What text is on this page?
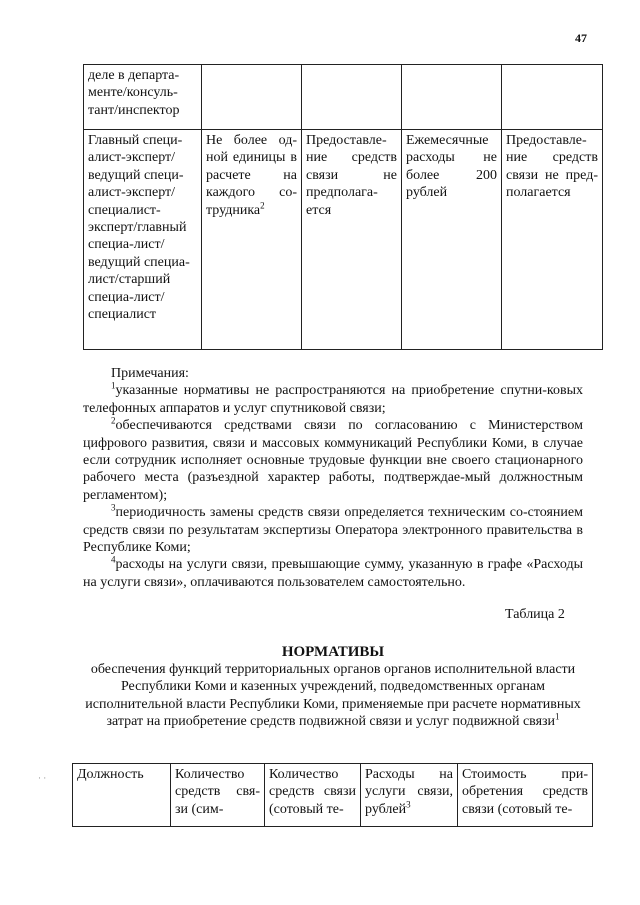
47
деле в департа-менте/консуль-тант/инспектор				
Главный специ-алист-эксперт/ведущий специ-алист-эксперт/специалист-эксперт/главный специа-лист/ведущий специа-лист/старший специа-лист/специалист	Не более од-ной единицы в расчете на каждого со-трудника$^2$	Предоставле-ние средств связи не предполага-ется	Ежемесячные расходы не более 200 рублей	Предоставле-ние средств связи не пред-полагается

Примечания:

$^1$указанные нормативы не распространяются на приобретение спутни-ковых телефонных аппаратов и услуг спутниковой связи;

$^2$обеспечиваются средствами связи по согласованию с Министерством цифрового развития, связи и массовых коммуникаций Республики Коми, в случае если сотрудник исполняет основные трудовые функции вне своего стационарного рабочего места (разъездной характер работы, подтверждае-мый должностным регламентом);

$^3$периодичность замены средств связи определяется техническим со-стоянием средств связи по результатам экспертизы Оператора электронного правительства в Республике Коми;

$^4$расходы на услуги связи, превышающие сумму, указанную в графе «Расходы на услуги связи», оплачиваются пользователем самостоятельно.

Таблица 2
НОРМАТИВЫ
обеспечения функций территориальных органов органов исполнительной власти Республики Коми и казенных учреждений, подведомственных органам исполнительной власти Республики Коми, применяемые при расчете нормативных затрат на приобретение средств подвижной связи и услуг подвижной связи$^1$
· · Должность	Количество средств свя-зи (сим-	Количество средств связи (сотовый те-	Расходы на услуги связи, рублей$^3$	Стоимость при-обретения средств связи (сотовый те-
